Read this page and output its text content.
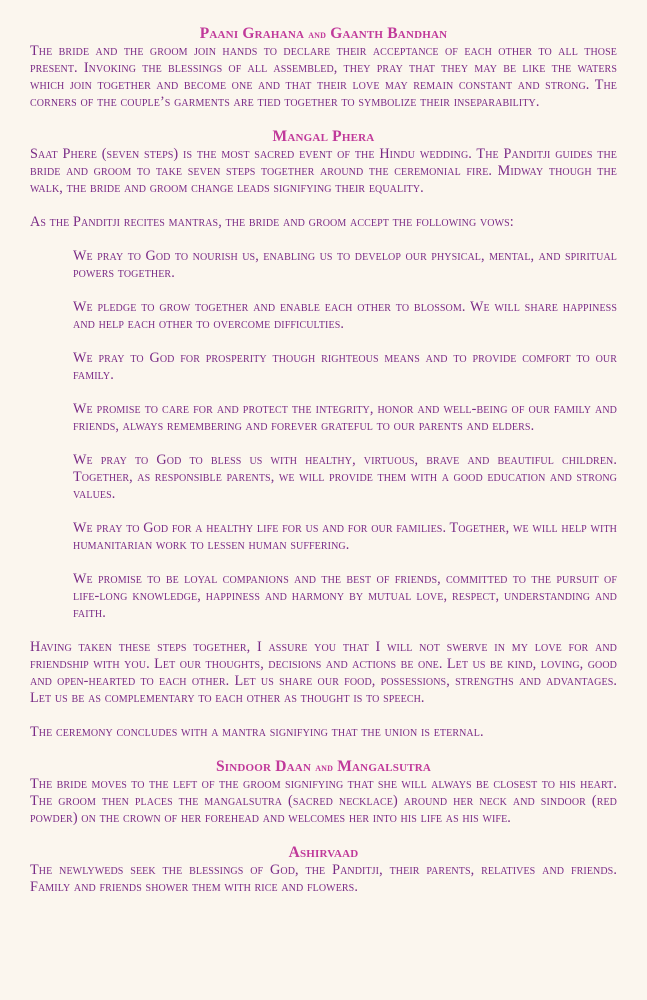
Paani Grahana and Gaanth Bandhan

The bride and the groom join hands to declare their acceptance of each other to all those present. Invoking the blessings of all assembled, they pray that they may be like the waters which join together and become one and that their love may remain constant and strong. The corners of the couple’s garments are tied together to symbolize their inseparability.

Mangal Phera

Saat Phere (seven steps) is the most sacred event of the Hindu wedding. The Panditji guides the bride and groom to take seven steps together around the ceremonial fire. Midway though the walk, the bride and groom change leads signifying their equality.

As the Panditji recites mantras, the bride and groom accept the following vows:

We pray to God to nourish us, enabling us to develop our physical, mental, and spiritual powers together.

We pledge to grow together and enable each other to blossom. We will share happiness and help each other to overcome difficulties.

We pray to God for prosperity though righteous means and to provide comfort to our family.

We promise to care for and protect the integrity, honor and well-being of our family and friends, always remembering and forever grateful to our parents and elders.

We pray to God to bless us with healthy, virtuous, brave and beautiful children. Together, as responsible parents, we will provide them with a good education and strong values.

We pray to God for a healthy life for us and for our families. Together, we will help with humanitarian work to lessen human suffering.

We promise to be loyal companions and the best of friends, committed to the pursuit of life-long knowledge, happiness and harmony by mutual love, respect, understanding and faith.

Having taken these steps together, I assure you that I will not swerve in my love for and friendship with you. Let our thoughts, decisions and actions be one. Let us be kind, loving, good and open-hearted to each other. Let us share our food, possessions, strengths and advantages. Let us be as complementary to each other as thought is to speech.

The ceremony concludes with a mantra signifying that the union is eternal.

Sindoor Daan and Mangalsutra

The bride moves to the left of the groom signifying that she will always be closest to his heart. The groom then places the mangalsutra (sacred necklace) around her neck and sindoor (red powder) on the crown of her forehead and welcomes her into his life as his wife.

Ashirvaad

The newlyweds seek the blessings of God, the Panditji, their parents, relatives and friends. Family and friends shower them with rice and flowers.
